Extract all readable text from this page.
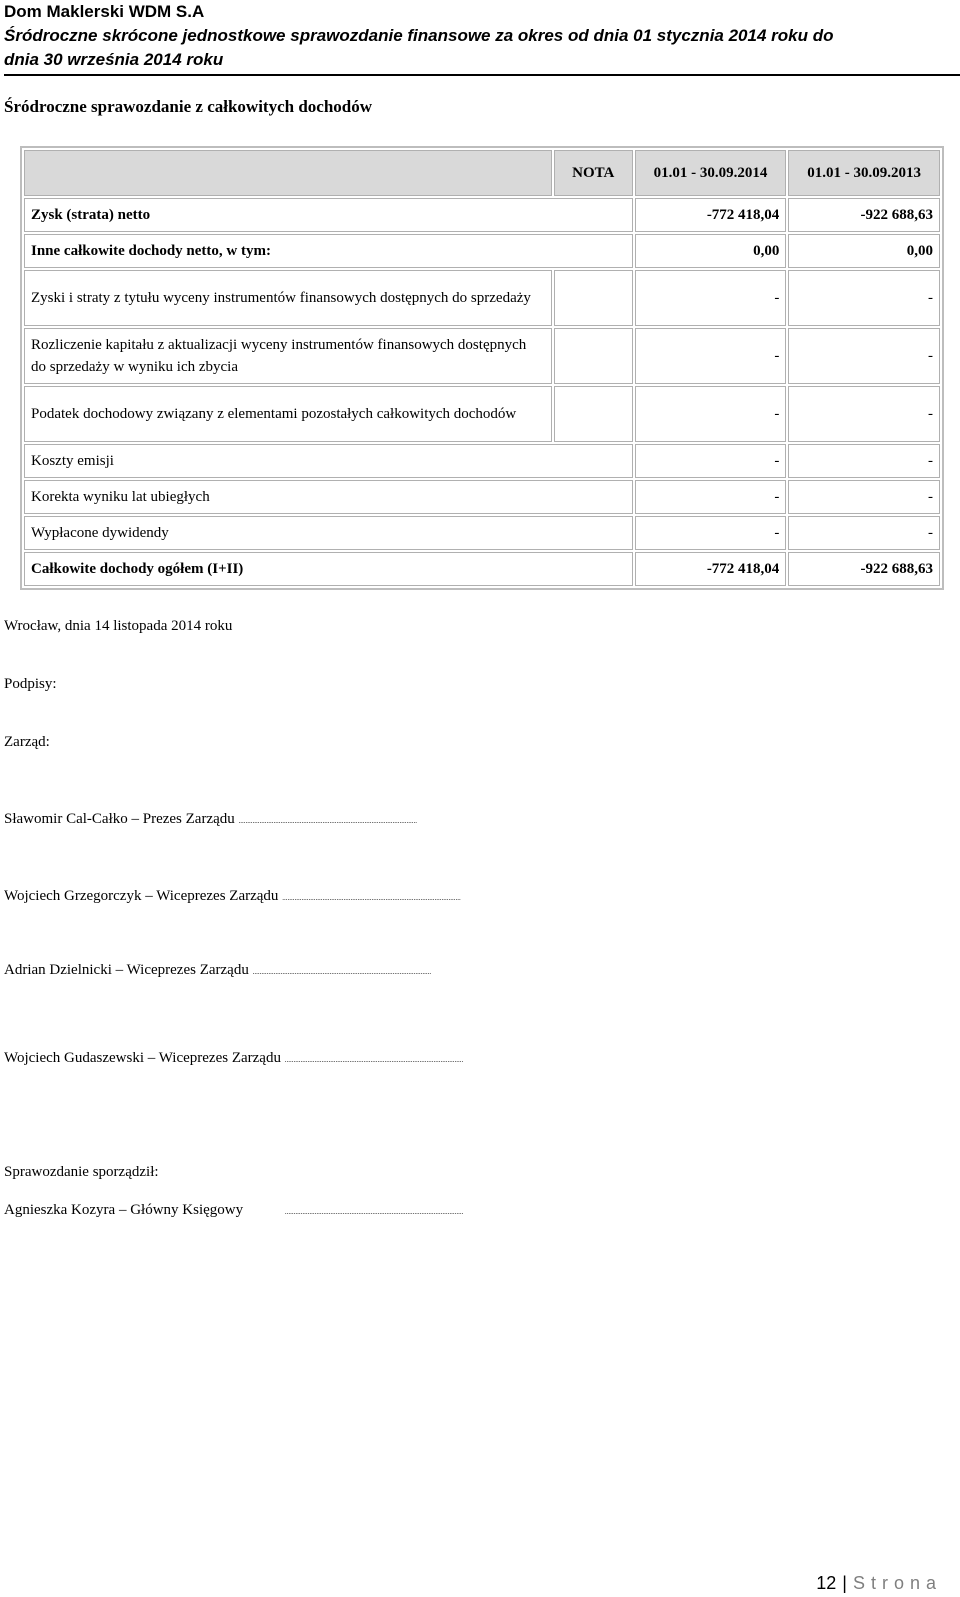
Dom Maklerski WDM S.A
Śródroczne skrócone jednostkowe sprawozdanie finansowe za okres od dnia 01 stycznia 2014 roku do
dnia 30 września 2014 roku
Śródroczne sprawozdanie z całkowitych dochodów
	NOTA	01.01 - 30.09.2014	01.01 - 30.09.2013
Zysk (strata) netto		-772 418,04	-922 688,63
Inne całkowite dochody netto, w tym:		0,00	0,00
Zyski i straty z tytułu wyceny instrumentów finansowych dostępnych do sprzedaży		-	-
Rozliczenie kapitału z aktualizacji wyceny instrumentów finansowych dostępnych do sprzedaży w wyniku ich zbycia		-	-
Podatek dochodowy związany z elementami pozostałych całkowitych dochodów		-	-
Koszty emisji		-	-
Korekta wyniku lat ubiegłych		-	-
Wypłacone dywidendy		-	-
Całkowite dochody ogółem (I+II)		-772 418,04	-922 688,63
Wrocław, dnia 14 listopada 2014 roku
Podpisy:
Zarząd:
Sławomir Cal-Całko – Prezes Zarządu ......................................................................................................
Wojciech Grzegorczyk – Wiceprezes Zarządu ......................................................................................................
Adrian Dzielnicki – Wiceprezes Zarządu ......................................................................................................
Wojciech Gudaszewski – Wiceprezes Zarządu ......................................................................................................
Sprawozdanie sporządził:
Agnieszka Kozyra – Główny Księgowy	......................................................................................................
12 | Strona
